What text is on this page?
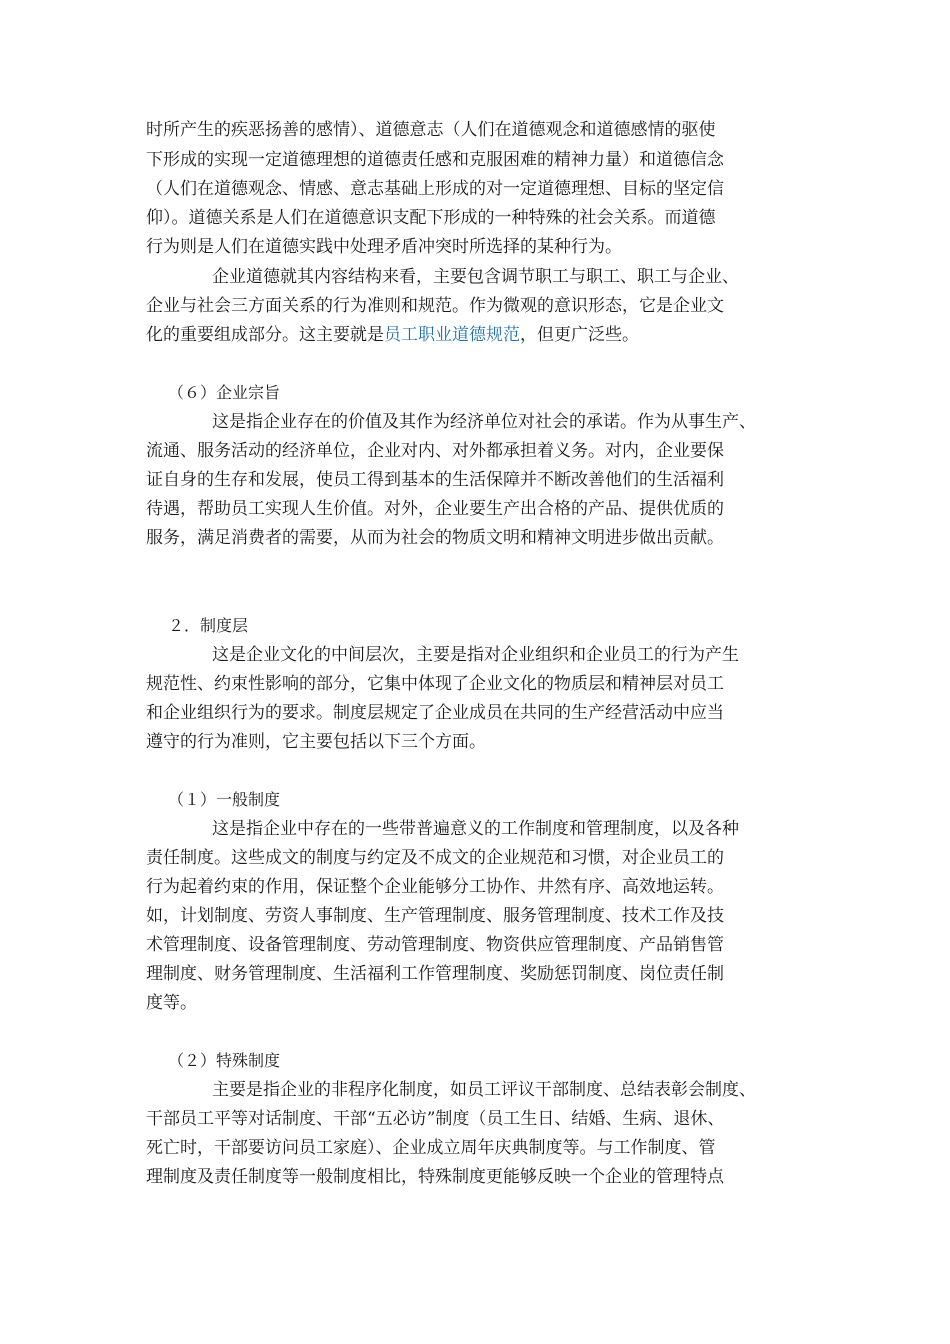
时所产生的疾恶扬善的感情）、道德意志（人们在道德观念和道德感情的驱使
下形成的实现一定道德理想的道德责任感和克服困难的精神力量）和道德信念
（人们在道德观念、情感、意志基础上形成的对一定道德理想、目标的坚定信
仰）。道德关系是人们在道德意识支配下形成的一种特殊的社会关系。而道德
行为则是人们在道德实践中处理矛盾冲突时所选择的某种行为。
企业道德就其内容结构来看，主要包含调节职工与职工、职工与企业、
企业与社会三方面关系的行为准则和规范。作为微观的意识形态，它是企业文
化的重要组成部分。这主要就是员工职业道德规范，但更广泛些。
（６）企业宗旨
这是指企业存在的价值及其作为经济单位对社会的承诺。作为从事生产、
流通、服务活动的经济单位，企业对内、对外都承担着义务。对内，企业要保
证自身的生存和发展，使员工得到基本的生活保障并不断改善他们的生活福利
待遇，帮助员工实现人生价值。对外，企业要生产出合格的产品、提供优质的
服务，满足消费者的需要，从而为社会的物质文明和精神文明进步做出贡献。
２．制度层
这是企业文化的中间层次，主要是指对企业组织和企业员工的行为产生
规范性、约束性影响的部分，它集中体现了企业文化的物质层和精神层对员工
和企业组织行为的要求。制度层规定了企业成员在共同的生产经营活动中应当
遵守的行为准则，它主要包括以下三个方面。
（１）一般制度
这是指企业中存在的一些带普遍意义的工作制度和管理制度，以及各种
责任制度。这些成文的制度与约定及不成文的企业规范和习惯，对企业员工的
行为起着约束的作用，保证整个企业能够分工协作、井然有序、高效地运转。
如，计划制度、劳资人事制度、生产管理制度、服务管理制度、技术工作及技
术管理制度、设备管理制度、劳动管理制度、物资供应管理制度、产品销售管
理制度、财务管理制度、生活福利工作管理制度、奖励惩罚制度、岗位责任制
度等。
（２）特殊制度
主要是指企业的非程序化制度，如员工评议干部制度、总结表彰会制度、
干部员工平等对话制度、干部“五必访”制度（员工生日、结婚、生病、退休、
死亡时，干部要访问员工家庭）、企业成立周年庆典制度等。与工作制度、管
理制度及责任制度等一般制度相比，特殊制度更能够反映一个企业的管理特点
